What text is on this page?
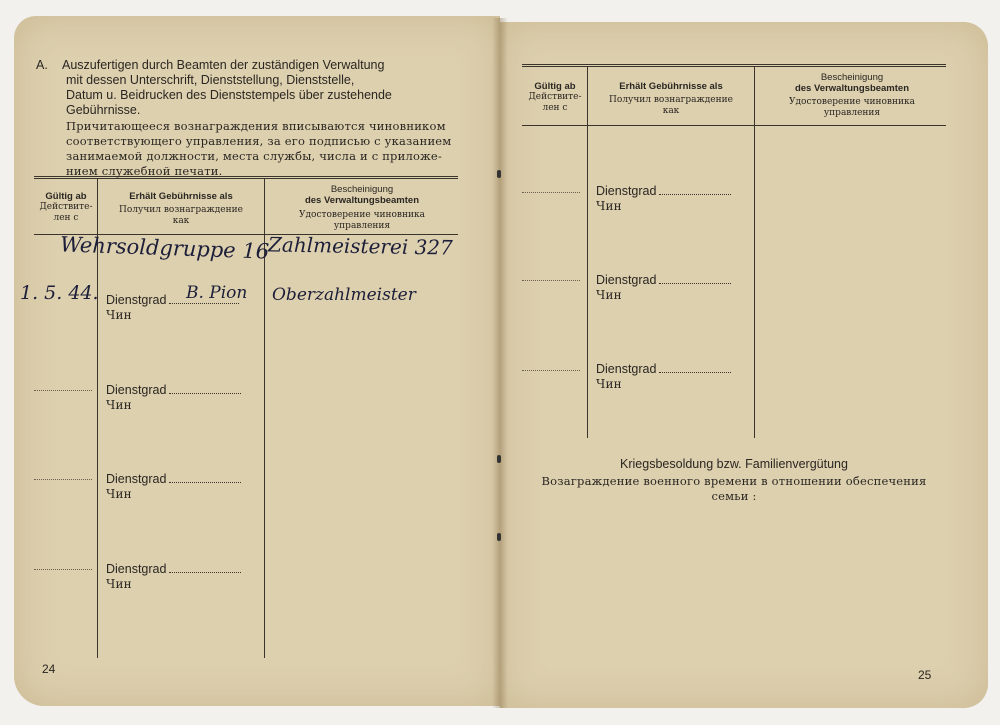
A. Auszufertigen durch Beamten der zuständigen Verwaltung
mit dessen Unterschrift, Dienststellung, Dienststelle,
Datum u. Beidrucken des Dienststempels über zustehende
Gebührnisse.
Причитающееся вознаграждения вписываются чиновником
соответствующего управления, за его подписью с указанием
занимаемой должности, места службы, числа и с приложе-
нием служебной печати.
Gültig ab
Действите-
лен с
Erhält Gebührnisse als
Получил вознаграждение
как
Bescheinigung
des Verwaltungsbeamten
Удостоверение чиновника
управления
Wehrsoldgruppe 16
Zahlmeisterei 327
1. 5. 44.	B. Pion Oberzahlmeister
Dienstgrad
Чин
Dienstgrad
Чин
Dienstgrad
Чин
Dienstgrad
Чин
24
Gültig ab
Действите-
лен с
Erhält Gebührnisse als
Получил вознаграждение
как
Bescheinigung
des Verwaltungsbeamten
Удостоверение чиновника
управления
Dienstgrad
Чин
Dienstgrad
Чин
Dienstgrad
Чин
Kriegsbesoldung bzw. Familienvergütung
Возаграждение военного времени в отношении обеспечения
семьи :
25
